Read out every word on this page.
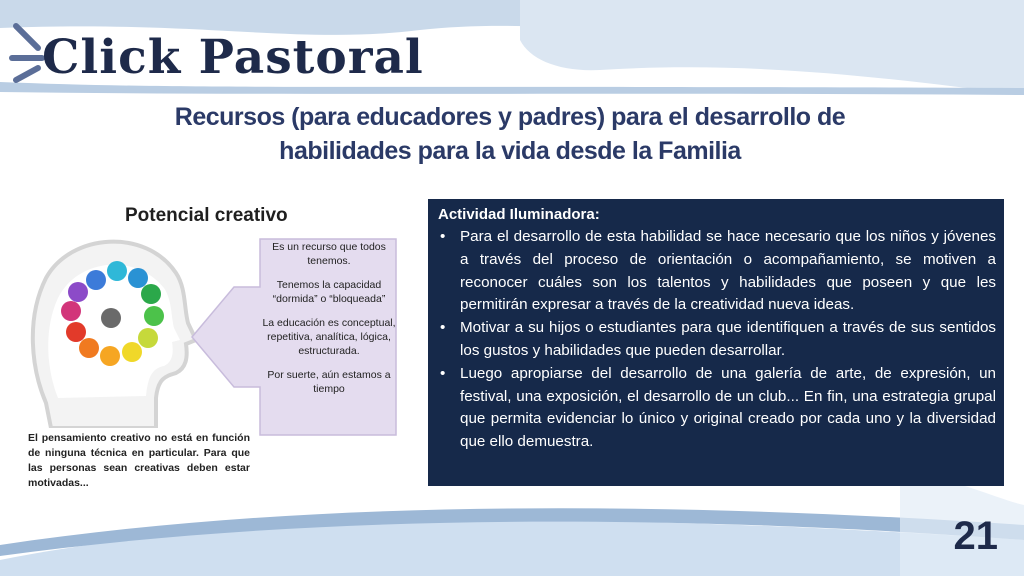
Click Pastoral
Recursos (para educadores y padres) para el desarrollo de
habilidades para la vida desde la Familia
Potencial creativo

Es un recurso que todos tenemos.

Tenemos la capacidad “dormida” o “bloqueada”

La educación es conceptual, repetitiva, analítica, lógica, estructurada.

Por suerte, aún estamos a tiempo

El pensamiento creativo no está en función de ninguna técnica en particular. Para que las personas sean creativas deben estar motivadas...
Actividad Iluminadora:
• Para el desarrollo de esta habilidad se hace necesario que los niños y jóvenes a través del proceso de orientación o acompañamiento, se motiven a reconocer cuáles son los talentos y habilidades que poseen y que les permitirán expresar a través de la creatividad nueva ideas.
• Motivar a su hijos o estudiantes para que identifiquen a través de sus sentidos los gustos y habilidades que pueden desarrollar.
• Luego apropiarse del desarrollo de una galería de arte, de expresión, un festival, una exposición, el desarrollo de un club... En fin, una estrategia grupal que permita evidenciar lo único y original creado por cada uno y la diversidad que ello demuestra.
21
